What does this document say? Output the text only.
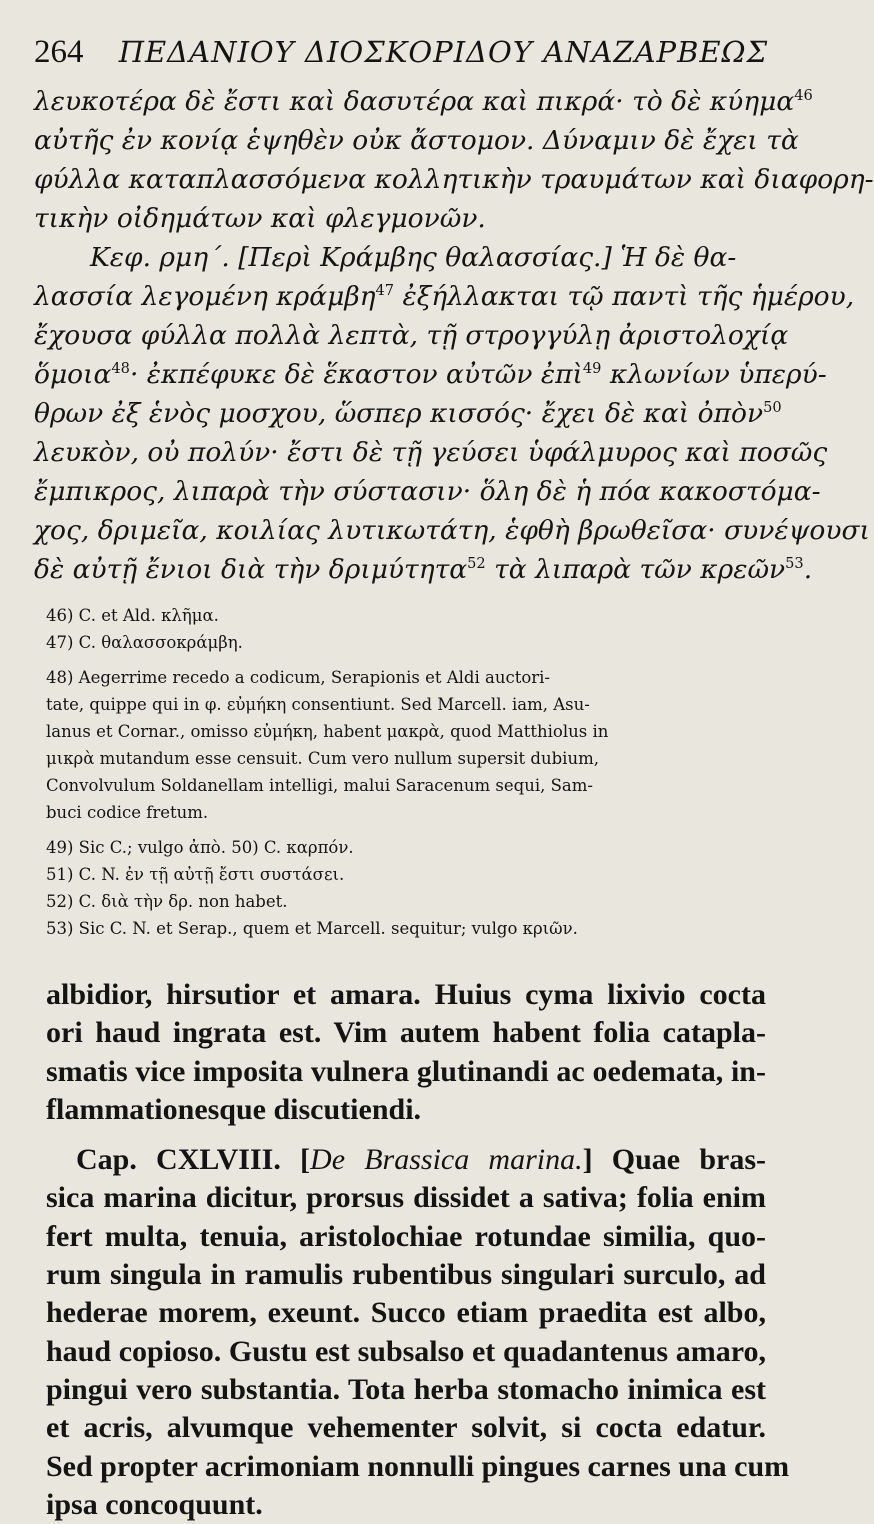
264 ΠΕΔΑΝΙΟΥ ΔΙΟΣΚΟΡΙΔΟΥ ΑΝΑΖΑΡΒΕΩΣ
λευκοτέρα δὲ ἔστι καὶ δασυτέρα καὶ πικρά· τὸ δὲ κύημα$^{46}$
αὐτῆς ἐν κονίᾳ ἑψηθὲν οὐκ ἄστομον. Δύναμιν δὲ ἔχει τὰ
φύλλα καταπλασσόμενα κολλητικὴν τραυμάτων καὶ διαφορη-
τικὴν οἰδημάτων καὶ φλεγμονῶν.
Κεφ. ρμη΄. [Περὶ Κράμβης θαλασσίας.] Ἡ δὲ θα-
λασσία λεγομένη κράμβη$^{47}$ ἐξήλλακται τῷ παντὶ τῆς ἡμέρου,
ἔχουσα φύλλα πολλὰ λεπτὰ, τῇ στρογγύλῃ ἀριστολοχίᾳ
ὅμοια$^{48}$· ἐκπέφυκε δὲ ἕκαστον αὐτῶν ἐπὶ$^{49}$ κλωνίων ὑπερύ-
θρων ἐξ ἑνὸς μοσχου, ὥσπερ κισσός· ἔχει δὲ καὶ ὀπὸν$^{50}$
λευκὸν, οὐ πολύν· ἔστι δὲ τῇ γεύσει ὑφάλμυρος καὶ ποσῶς
ἔμπικρος, λιπαρὰ τὴν σύστασιν· ὅλη δὲ ἡ πόα κακοστόμα-
χος, δριμεῖα, κοιλίας λυτικωτάτη, ἑφθὴ βρωθεῖσα· συνέψουσι
δὲ αὐτῇ ἔνιοι διὰ τὴν δριμύτητα$^{52}$ τὰ λιπαρὰ τῶν κρεῶν$^{53}$.
46) C. et Ald. κλῆμα.
47) C. θαλασσοκράμβη.
48) Aegerrime recedo a codicum, Serapionis et Aldi auctori-
tate, quippe qui in φ. εὐμήκη consentiunt. Sed Marcell. iam, Asu-
lanus et Cornar., omisso εὐμήκη, habent μακρὰ, quod Matthiolus in
μικρὰ mutandum esse censuit. Cum vero nullum supersit dubium,
Convolvulum Soldanellam intelligi, malui Saracenum sequi, Sam-
buci codice fretum.
49) Sic C.; vulgo ἀπὸ. 50) C. καρπόν.
51) C. N. ἐν τῇ αὐτῇ ἔστι συστάσει.
52) C. διὰ τὴν δρ. non habet.
53) Sic C. N. et Serap., quem et Marcell. sequitur; vulgo κριῶν.
albidior, hirsutior et amara. Huius cyma lixivio cocta
ori haud ingrata est. Vim autem habent folia catapla-
smatis vice imposita vulnera glutinandi ac oedemata, in-
flammationesque discutiendi.
Cap. CXLVIII. [De Brassica marina.] Quae bras-
sica marina dicitur, prorsus dissidet a sativa; folia enim
fert multa, tenuia, aristolochiae rotundae similia, quo-
rum singula in ramulis rubentibus singulari surculo, ad
hederae morem, exeunt. Succo etiam praedita est albo,
haud copioso. Gustu est subsalso et quadantenus amaro,
pingui vero substantia. Tota herba stomacho inimica est
et acris, alvumque vehementer solvit, si cocta edatur.
Sed propter acrimoniam nonnulli pingues carnes una cum
ipsa concoquunt.
